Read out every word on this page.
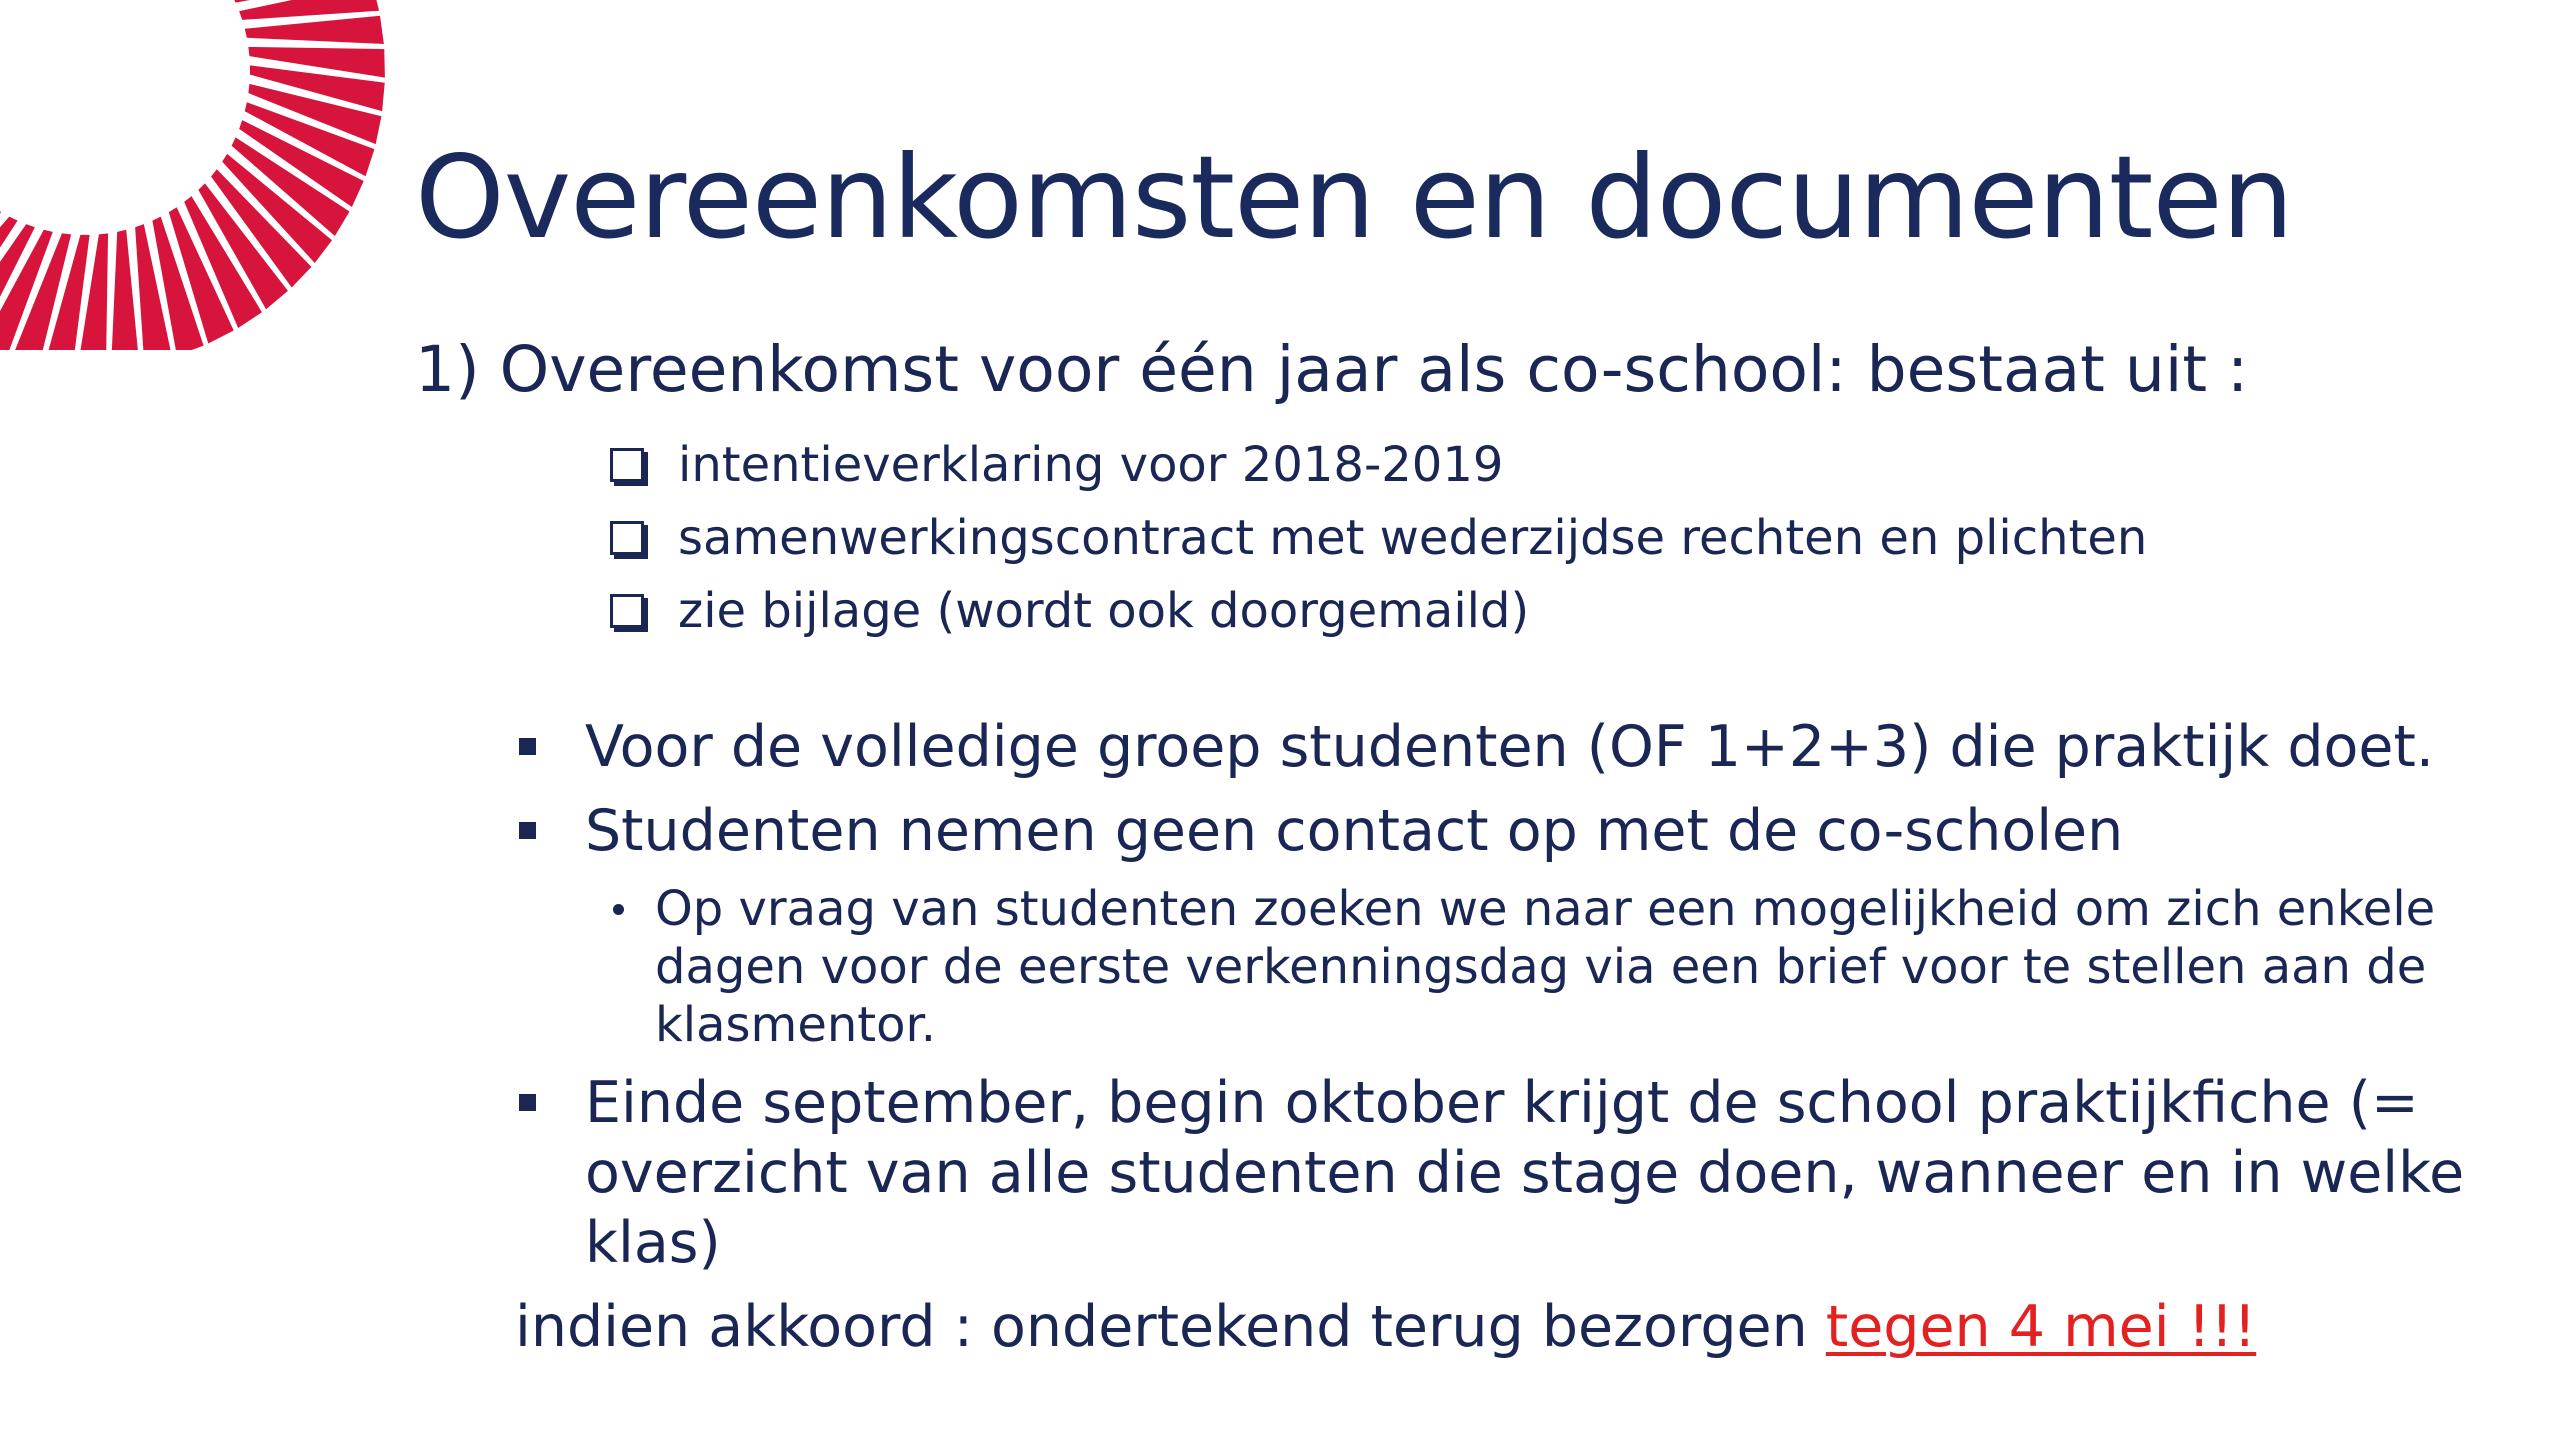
Overeenkomsten en documenten
1) Overeenkomst voor één jaar als co-school: bestaat uit :
intentieverklaring voor 2018-2019
samenwerkingscontract met wederzijdse rechten en plichten
zie bijlage (wordt ook doorgemaild)
Voor de volledige groep studenten (OF 1+2+3) die praktijk doet.
Studenten nemen geen contact op met de co-scholen
Op vraag van studenten zoeken we naar een mogelijkheid om zich enkele dagen voor de eerste verkenningsdag via een brief voor te stellen aan de klasmentor.
Einde september, begin oktober krijgt de school praktijkfiche (= overzicht van alle studenten die stage doen, wanneer en in welke klas)
indien akkoord : ondertekend terug bezorgen tegen 4 mei !!!
